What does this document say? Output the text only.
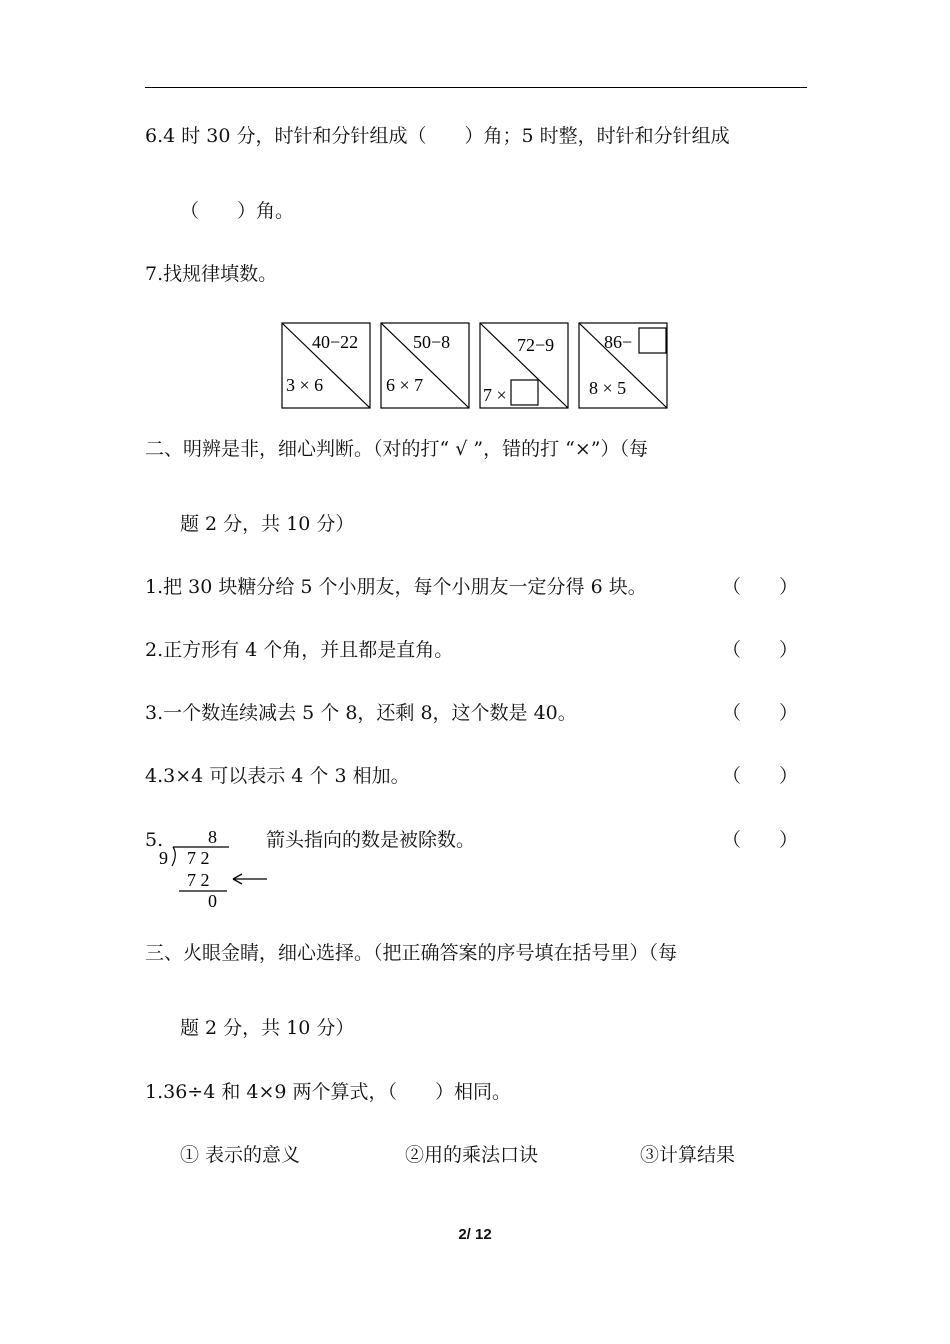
6.4 时 30 分，时针和分针组成（　　）角；5 时整，时针和分针组成
（　　）角。
7.找规律填数。
40−22
3 × 6
50−8
6 × 7
72−9
7 ×
86−
8 × 5
二、明辨是非，细心判断。（对的打“ √ ”，错的打 “×”）（每
题 2 分，共 10 分）
1.把 30 块糖分给 5 个小朋友，每个小朋友一定分得 6 块。	（　　）
2.正方形有 4 个角，并且都是直角。	（　　）
3.一个数连续减去 5 个 8，还剩 8，这个数是 40。	（　　）
4.3×4 可以表示 4 个 3 相加。	（　　）
5. 8
9 7 2
7 2
0
箭头指向的数是被除数。	（　　）
三、火眼金睛，细心选择。（把正确答案的序号填在括号里）（每
题 2 分，共 10 分）
1.36÷4 和 4×9 两个算式，（　　）相同。
① 表示的意义	②用的乘法口诀	③计算结果
2/ 12
